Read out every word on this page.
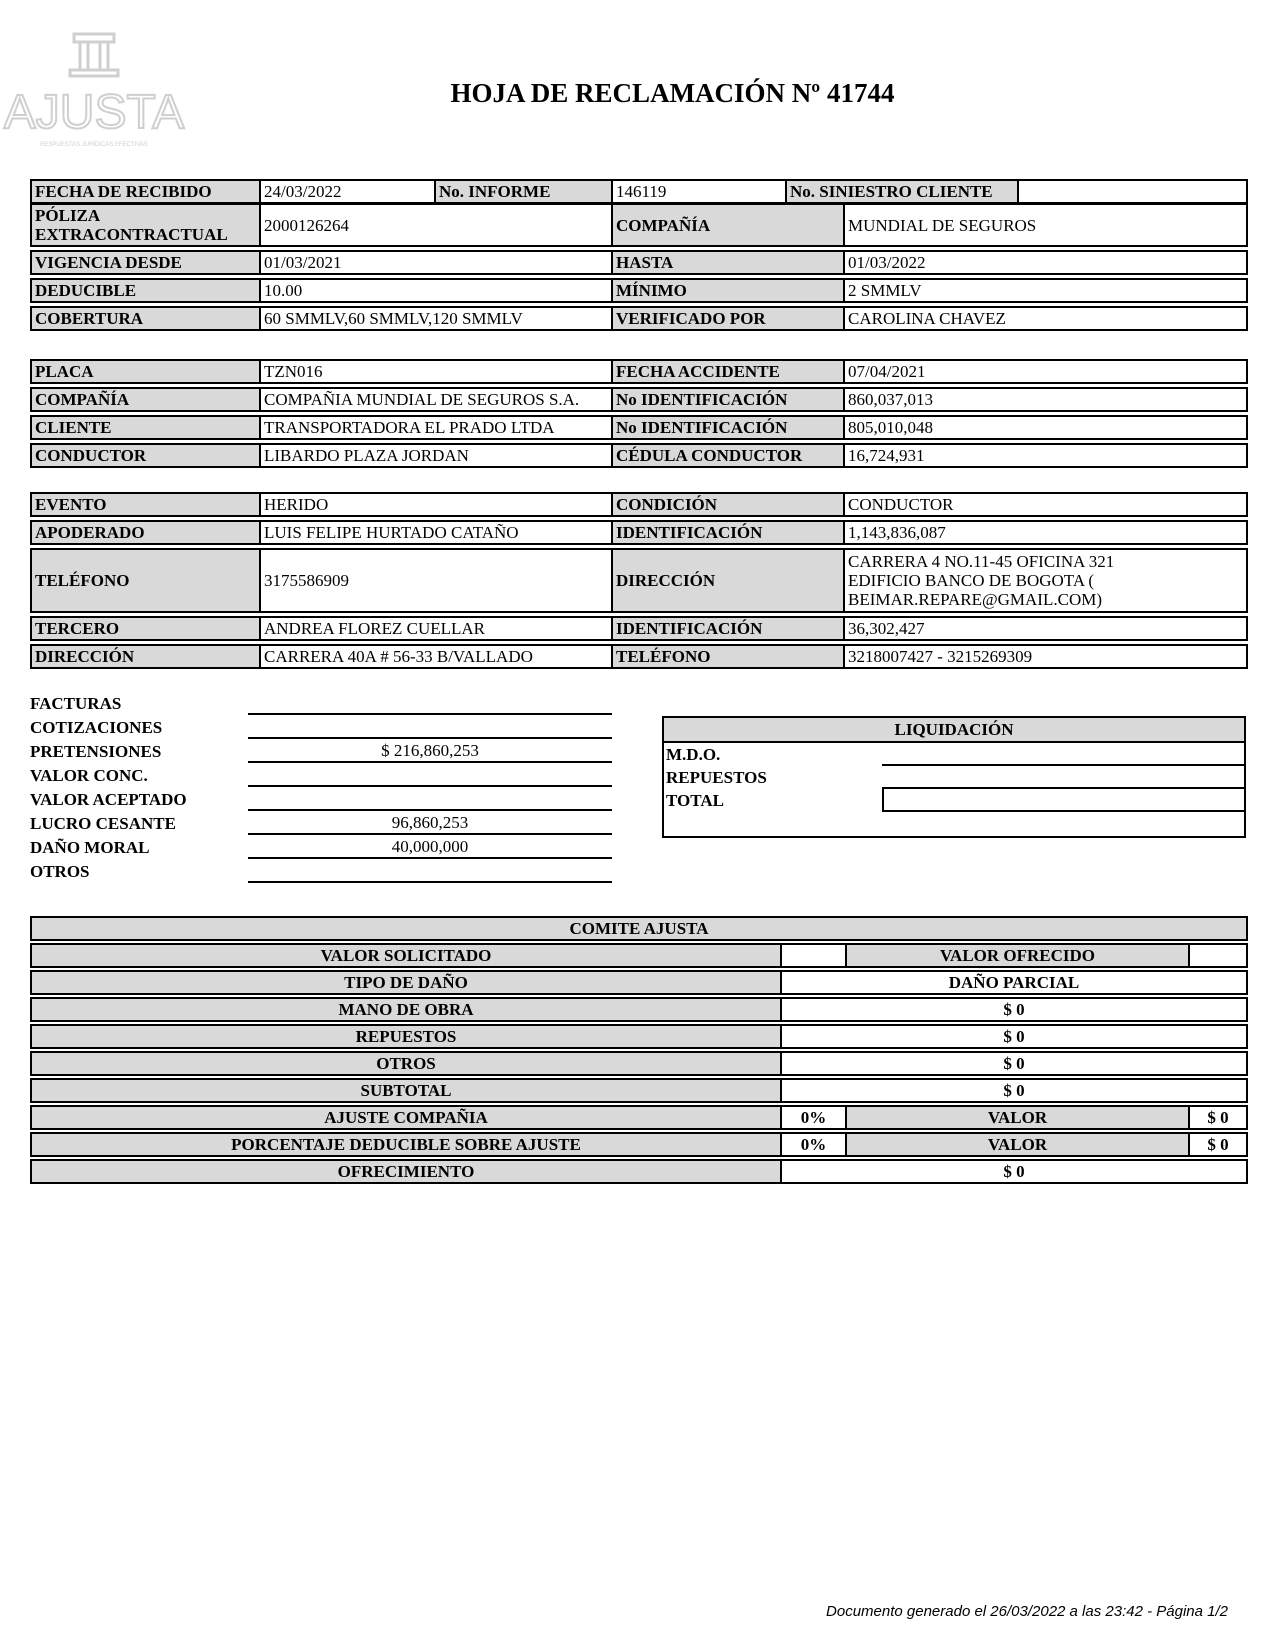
AJUSTA
RESPUESTAS JURÍDICAS EFECTIVAS
HOJA DE RECLAMACIÓN Nº 41744
FECHA DE RECIBIDO	24/03/2022	No. INFORME	146119	No. SINIESTRO CLIENTE	
PÓLIZA EXTRACONTRACTUAL	2000126264	COMPAÑÍA	MUNDIAL DE SEGUROS
VIGENCIA DESDE	01/03/2021	HASTA	01/03/2022
DEDUCIBLE	10.00	MÍNIMO	2 SMMLV
COBERTURA	60 SMMLV,60 SMMLV,120 SMMLV	VERIFICADO POR	CAROLINA CHAVEZ
PLACA	TZN016	FECHA ACCIDENTE	07/04/2021
COMPAÑÍA	COMPAÑIA MUNDIAL DE SEGUROS S.A.	No IDENTIFICACIÓN	860,037,013
CLIENTE	TRANSPORTADORA EL PRADO LTDA	No IDENTIFICACIÓN	805,010,048
CONDUCTOR	LIBARDO PLAZA JORDAN	CÉDULA CONDUCTOR	16,724,931
EVENTO	HERIDO	CONDICIÓN	CONDUCTOR
APODERADO	LUIS FELIPE HURTADO CATAÑO	IDENTIFICACIÓN	1,143,836,087
TELÉFONO	3175586909	DIRECCIÓN	CARRERA 4 NO.11-45 OFICINA 321
EDIFICIO BANCO DE BOGOTA (
BEIMAR.REPARE@GMAIL.COM)

TERCERO	ANDREA FLOREZ CUELLAR	IDENTIFICACIÓN	36,302,427
DIRECCIÓN	CARRERA 40A # 56-33 B/VALLADO	TELÉFONO	3218007427 - 3215269309
FACTURAS
COTIZACIONES
PRETENSIONES	$ 216,860,253
VALOR CONC.
VALOR ACEPTADO
LUCRO CESANTE	96,860,253
DAÑO MORAL	40,000,000
OTROS
LIQUIDACIÓN
M.D.O.
REPUESTOS
TOTAL
COMITE AJUSTA			
VALOR SOLICITADO		VALOR OFRECIDO	
TIPO DE DAÑO	DAÑO PARCIAL		
MANO DE OBRA	$ 0		
REPUESTOS	$ 0		
OTROS	$ 0		
SUBTOTAL	$ 0		
AJUSTE COMPAÑIA	0%	VALOR	$ 0
PORCENTAJE DEDUCIBLE SOBRE AJUSTE	0%	VALOR	$ 0
OFRECIMIENTO	$ 0		
Documento generado el 26/03/2022 a las 23:42 - Página 1/2
